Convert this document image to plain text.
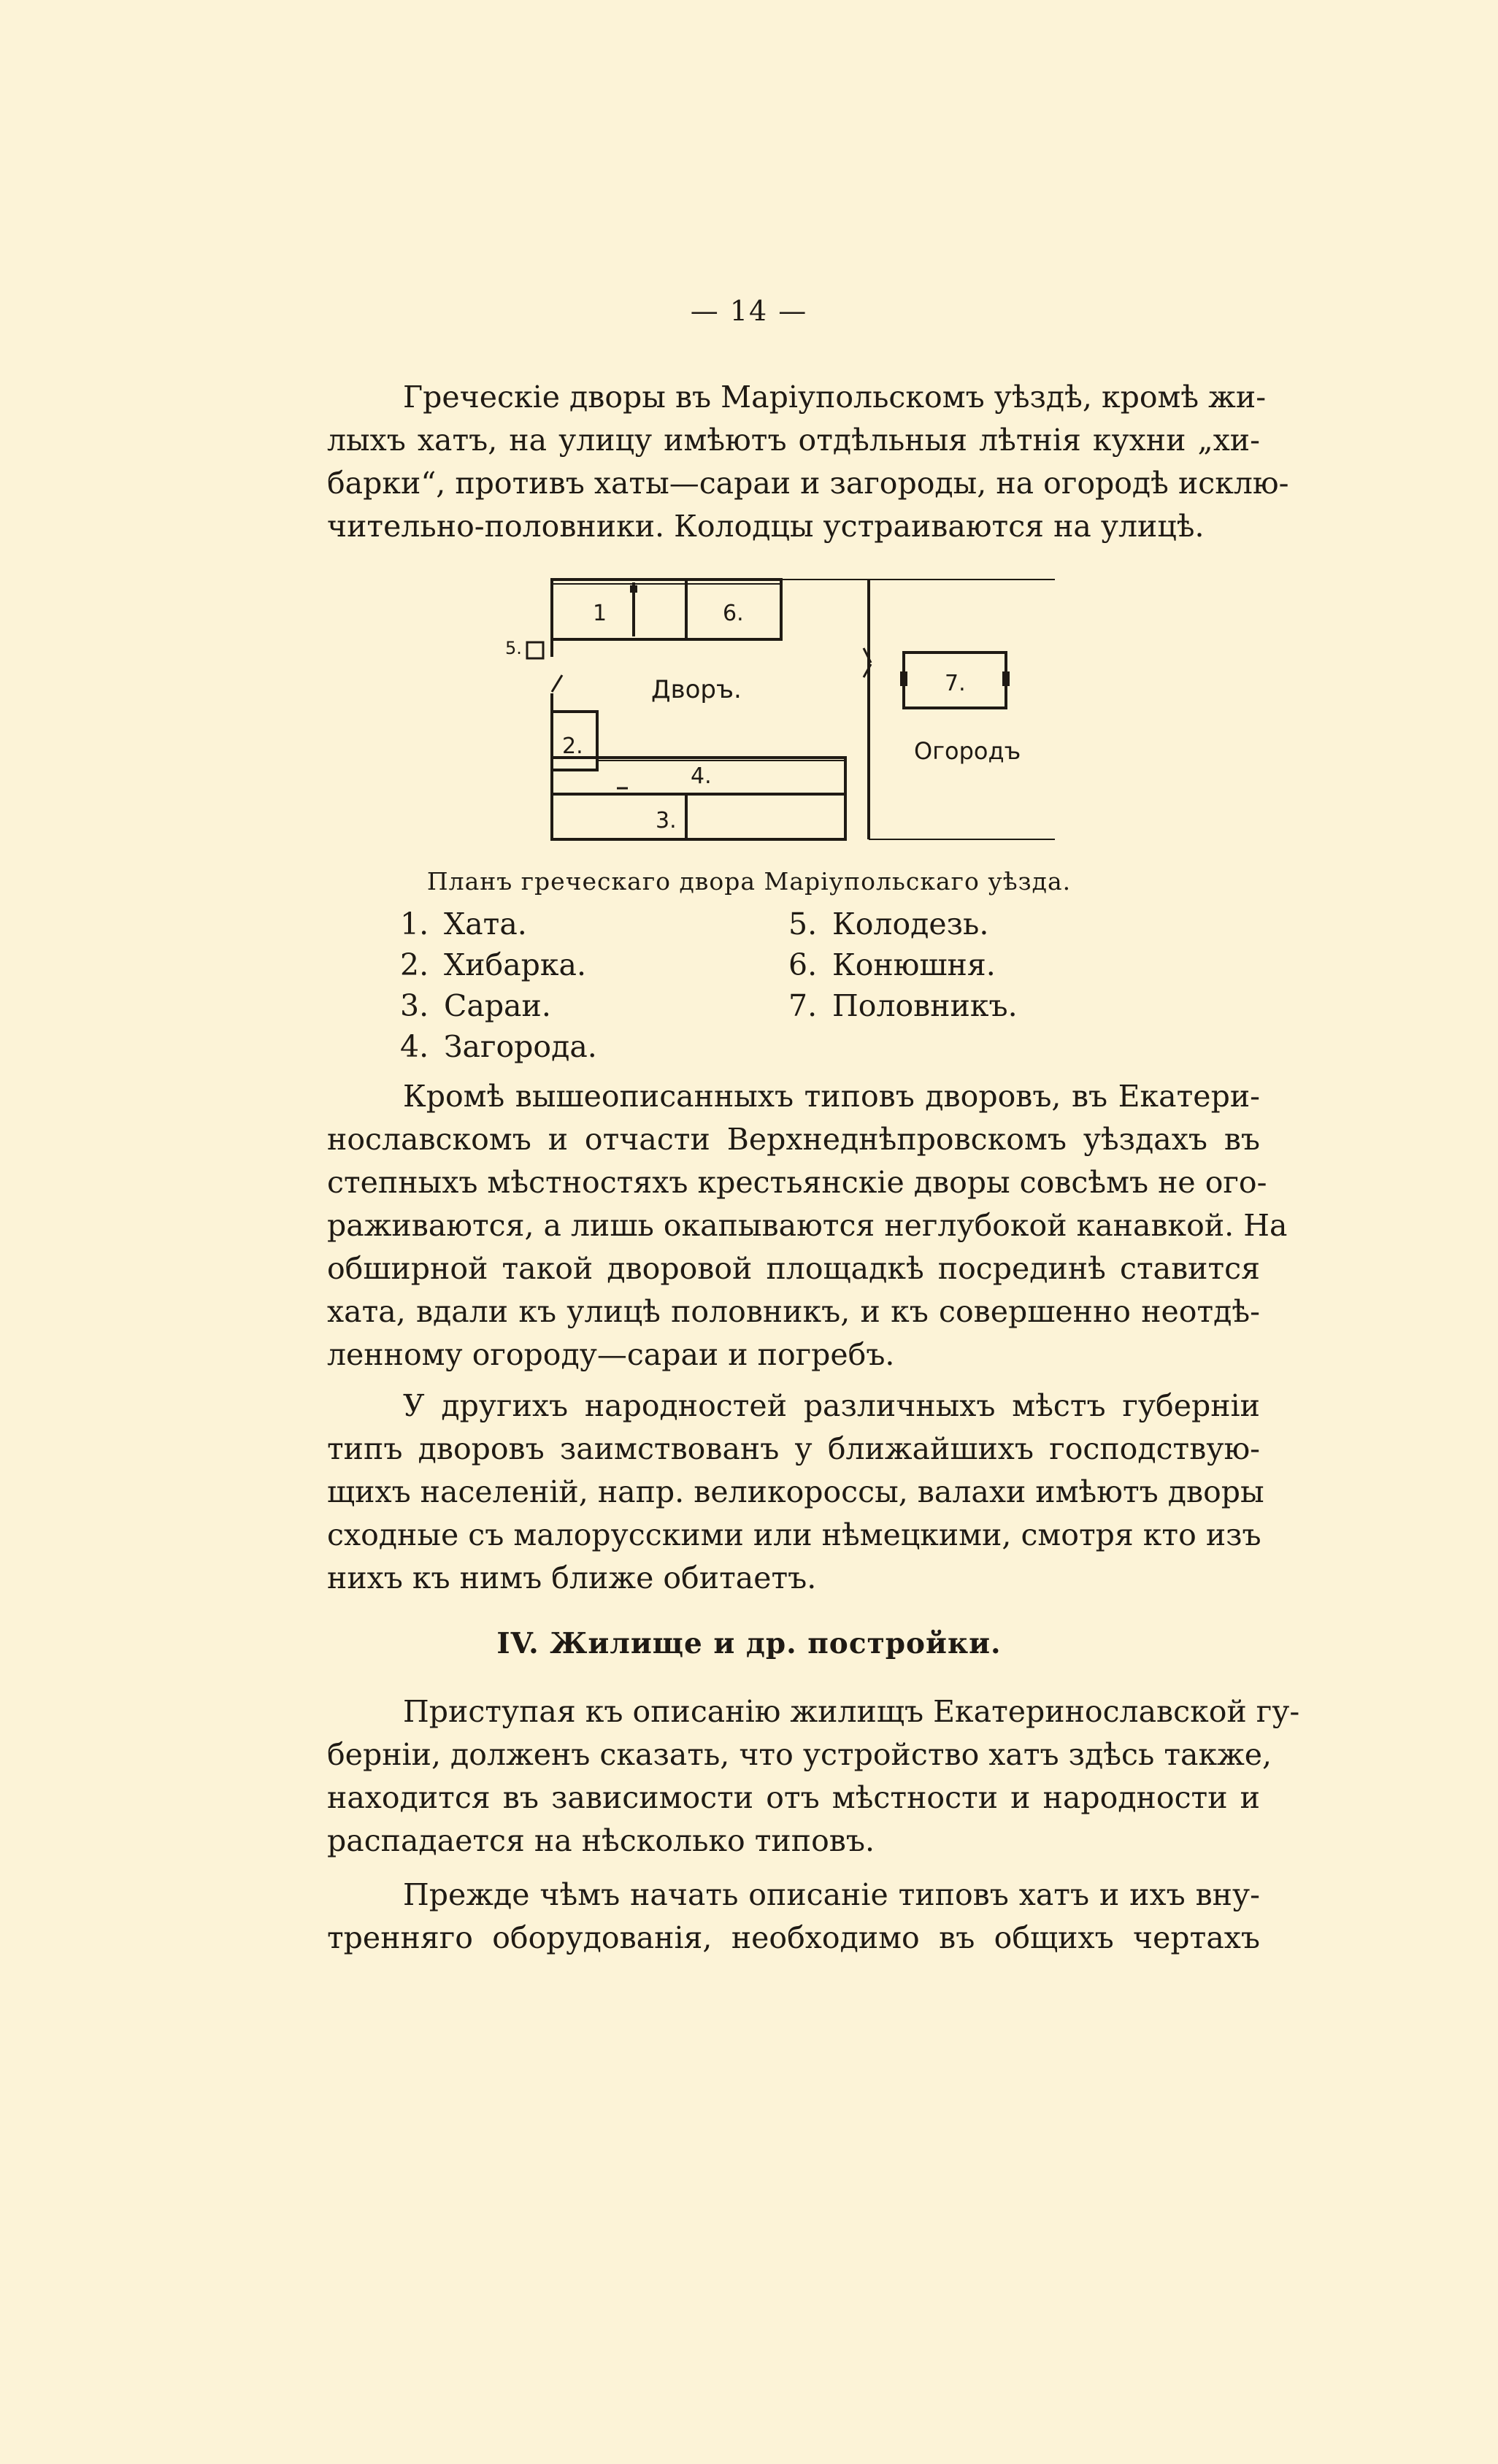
— 14 —

Греческіе дворы въ Маріупольскомъ уѣздѣ, кромѣ жи-
лыхъ хатъ, на улицу имѣютъ отдѣльныя лѣтнія кухни „хи-
барки“, противъ хаты—сараи и загороды, на огородѣ исклю-
чительно-половники. Колодцы устраиваются на улицѣ.

1	6.
5.
Дворъ.
2.
4.
3.
7.
Огородъ
Планъ греческаго двора Маріупольскаго уѣзда.
1. Хата.
2. Хибарка.
3. Сараи.
4. Загорода.
5. Колодезь.
6. Конюшня.
7. Половникъ.

Кромѣ вышеописанныхъ типовъ дворовъ, въ Екатери-
нославскомъ и отчасти Верхнеднѣпровскомъ уѣздахъ въ
степныхъ мѣстностяхъ крестьянскіе дворы совсѣмъ не ого-
раживаются, а лишь окапываются неглубокой канавкой. На
обширной такой дворовой площадкѣ посрединѣ ставится
хата, вдали къ улицѣ половникъ, и къ совершенно неотдѣ-
ленному огороду—сараи и погребъ.

У другихъ народностей различныхъ мѣстъ губерніи
типъ дворовъ заимствованъ у ближайшихъ господствую-
щихъ населеній, напр. великороссы, валахи имѣютъ дворы
сходные съ малорусскими или нѣмецкими, смотря кто изъ
нихъ къ нимъ ближе обитаетъ.

IV. Жилище и др. постройки.

Приступая къ описанію жилищъ Екатеринославской гу-
берніи, долженъ сказать, что устройство хатъ здѣсь также,
находится въ зависимости отъ мѣстности и народности и
распадается на нѣсколько типовъ.

Прежде чѣмъ начать описаніе типовъ хатъ и ихъ вну-
тренняго оборудованія, необходимо въ общихъ чертахъ
